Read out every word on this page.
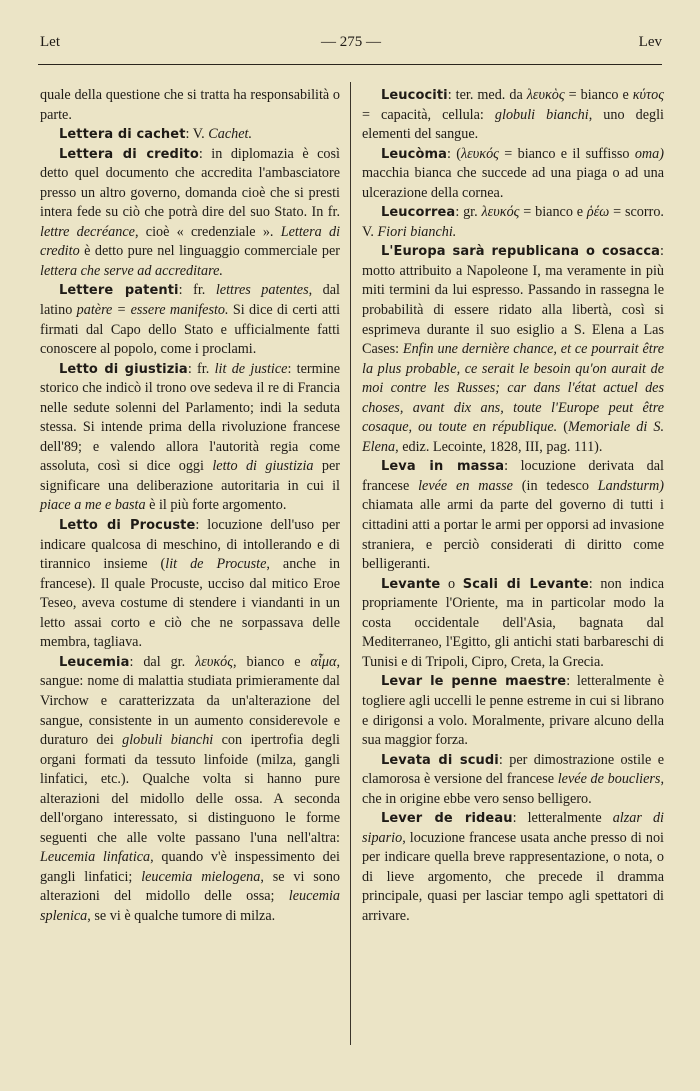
Let	— 275 —	Lev

quale della questione che si tratta ha responsabilità o parte.

Lettera di cachet: V. Cachet.

Lettera di credito: in diplomazia è così detto quel documento che accredita l'ambasciatore presso un altro governo, domanda cioè che si presti intera fede su ciò che potrà dire del suo Stato. In fr. lettre decréance, cioè « credenziale ». Lettera di credito è detto pure nel linguaggio commerciale per lettera che serve ad accreditare.

Lettere patenti: fr. lettres patentes, dal latino patère = essere manifesto. Si dice di certi atti firmati dal Capo dello Stato e ufficialmente fatti conoscere al popolo, come i proclami.

Letto di giustizia: fr. lit de justice: termine storico che indicò il trono ove sedeva il re di Francia nelle sedute solenni del Parlamento; indi la seduta stessa. Si intende prima della rivoluzione francese dell'89; e valendo allora l'autorità regia come assoluta, così si dice oggi letto di giustizia per significare una deliberazione autoritaria in cui il piace a me e basta è il più forte argomento.

Letto di Procuste: locuzione dell'uso per indicare qualcosa di meschino, di intollerando e di tirannico insieme (lit de Procuste, anche in francese). Il quale Procuste, ucciso dal mitico Eroe Teseo, aveva costume di stendere i viandanti in un letto assai corto e ciò che ne sorpassava delle membra, tagliava.

Leucemia: dal gr. λευκός, bianco e αἷμα, sangue: nome di malattia studiata primieramente dal Virchow e caratterizzata da un'alterazione del sangue, consistente in un aumento considerevole e duraturo dei globuli bianchi con ipertrofia degli organi formati da tessuto linfoide (milza, gangli linfatici, etc.). Qualche volta si hanno pure alterazioni del midollo delle ossa. A seconda dell'organo interessato, si distinguono le forme seguenti che alle volte passano l'una nell'altra: Leucemia linfatica, quando v'è inspessimento dei gangli linfatici; leucemia mielogena, se vi sono alterazioni del midollo delle ossa; leucemia splenica, se vi è qualche tumore di milza.

Leucociti: ter. med. da λευκὸς = bianco e κύτος = capacità, cellula: globuli bianchi, uno degli elementi del sangue.

Leucòma: (λευκός = bianco e il suffisso oma) macchia bianca che succede ad una piaga o ad una ulcerazione della cornea.

Leucorrea: gr. λευκός = bianco e ῥέω = scorro. V. Fiori bianchi.

L'Europa sarà republicana o cosacca: motto attribuito a Napoleone I, ma veramente in più miti termini da lui espresso. Passando in rassegna le probabilità di essere ridato alla libertà, così si esprimeva durante il suo esiglio a S. Elena a Las Cases: Enfin une dernière chance, et ce pourrait être la plus probable, ce serait le besoin qu'on aurait de moi contre les Russes; car dans l'état actuel des choses, avant dix ans, toute l'Europe peut être cosaque, ou toute en république. (Memoriale di S. Elena, ediz. Lecointe, 1828, III, pag. 111).

Leva in massa: locuzione derivata dal francese levée en masse (in tedesco Landsturm) chiamata alle armi da parte del governo di tutti i cittadini atti a portar le armi per opporsi ad invasione straniera, e perciò considerati di diritto come belligeranti.

Levante o Scali di Levante: non indica propriamente l'Oriente, ma in particolar modo la costa occidentale dell'Asia, bagnata dal Mediterraneo, l'Egitto, gli antichi stati barbareschi di Tunisi e di Tripoli, Cipro, Creta, la Grecia.

Levar le penne maestre: letteralmente è togliere agli uccelli le penne estreme in cui si librano e dirigonsi a volo. Moralmente, privare alcuno della sua maggior forza.

Levata di scudi: per dimostrazione ostile e clamorosa è versione del francese levée de boucliers, che in origine ebbe vero senso belligero.

Lever de rideau: letteralmente alzar di sipario, locuzione francese usata anche presso di noi per indicare quella breve rappresentazione, o nota, o di lieve argomento, che precede il dramma principale, quasi per lasciar tempo agli spettatori di arrivare.
